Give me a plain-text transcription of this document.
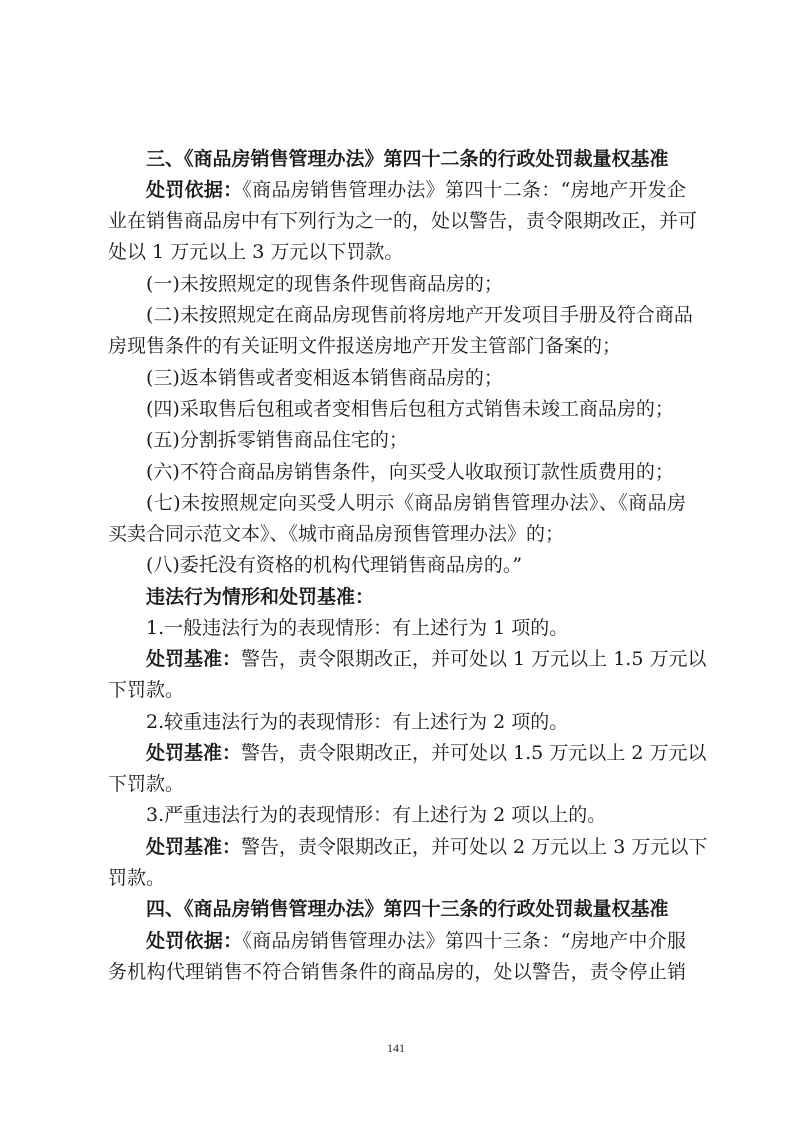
三、《商品房销售管理办法》第四十二条的行政处罚裁量权基准
处罚依据：《商品房销售管理办法》第四十二条：“房地产开发企
业在销售商品房中有下列行为之一的，处以警告，责令限期改正，并可
处以 1 万元以上 3 万元以下罚款。
(一)未按照规定的现售条件现售商品房的；
(二)未按照规定在商品房现售前将房地产开发项目手册及符合商品
房现售条件的有关证明文件报送房地产开发主管部门备案的；
(三)返本销售或者变相返本销售商品房的；
(四)采取售后包租或者变相售后包租方式销售未竣工商品房的；
(五)分割拆零销售商品住宅的；
(六)不符合商品房销售条件，向买受人收取预订款性质费用的；
(七)未按照规定向买受人明示《商品房销售管理办法》、《商品房
买卖合同示范文本》、《城市商品房预售管理办法》的；
(八)委托没有资格的机构代理销售商品房的。”
违法行为情形和处罚基准：
1.一般违法行为的表现情形：有上述行为 1 项的。
处罚基准：警告，责令限期改正，并可处以 1 万元以上 1.5 万元以
下罚款。
2.较重违法行为的表现情形：有上述行为 2 项的。
处罚基准：警告，责令限期改正，并可处以 1.5 万元以上 2 万元以
下罚款。
3.严重违法行为的表现情形：有上述行为 2 项以上的。
处罚基准：警告，责令限期改正，并可处以 2 万元以上 3 万元以下
罚款。
四、《商品房销售管理办法》第四十三条的行政处罚裁量权基准
处罚依据：《商品房销售管理办法》第四十三条：“房地产中介服
务机构代理销售不符合销售条件的商品房的，处以警告，责令停止销
141
